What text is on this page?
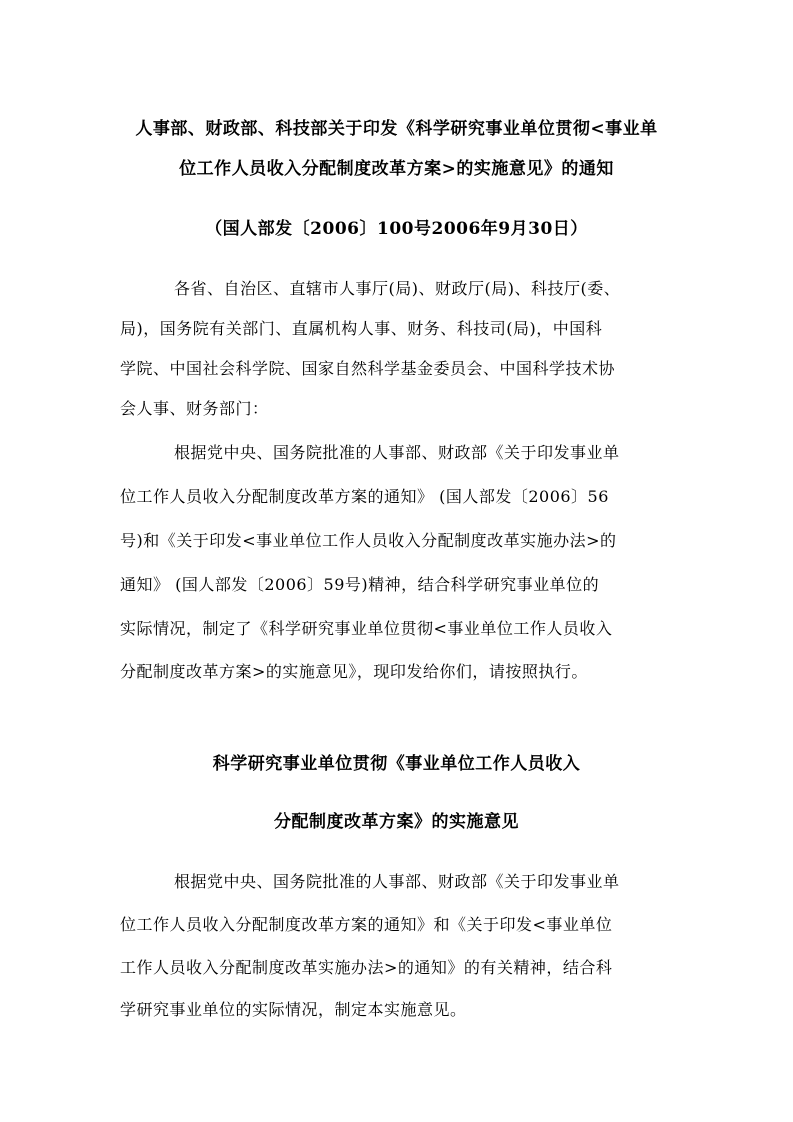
人事部、财政部、科技部关于印发《科学研究事业单位贯彻<事业单
位工作人员收入分配制度改革方案>的实施意见》的通知
（国人部发〔2006〕100号2006年9月30日）
各省、自治区、直辖市人事厅(局)、财政厅(局)、科技厅(委、
局)，国务院有关部门、直属机构人事、财务、科技司(局)，中国科
学院、中国社会科学院、国家自然科学基金委员会、中国科学技术协
会人事、财务部门：
根据党中央、国务院批准的人事部、财政部《关于印发事业单
位工作人员收入分配制度改革方案的通知》 (国人部发〔2006〕56
号)和《关于印发<事业单位工作人员收入分配制度改革实施办法>的
通知》 (国人部发〔2006〕59号)精神，结合科学研究事业单位的
实际情况，制定了《科学研究事业单位贯彻<事业单位工作人员收入
分配制度改革方案>的实施意见》，现印发给你们，请按照执行。
科学研究事业单位贯彻《事业单位工作人员收入
分配制度改革方案》的实施意见
根据党中央、国务院批准的人事部、财政部《关于印发事业单
位工作人员收入分配制度改革方案的通知》和《关于印发<事业单位
工作人员收入分配制度改革实施办法>的通知》的有关精神，结合科
学研究事业单位的实际情况，制定本实施意见。
